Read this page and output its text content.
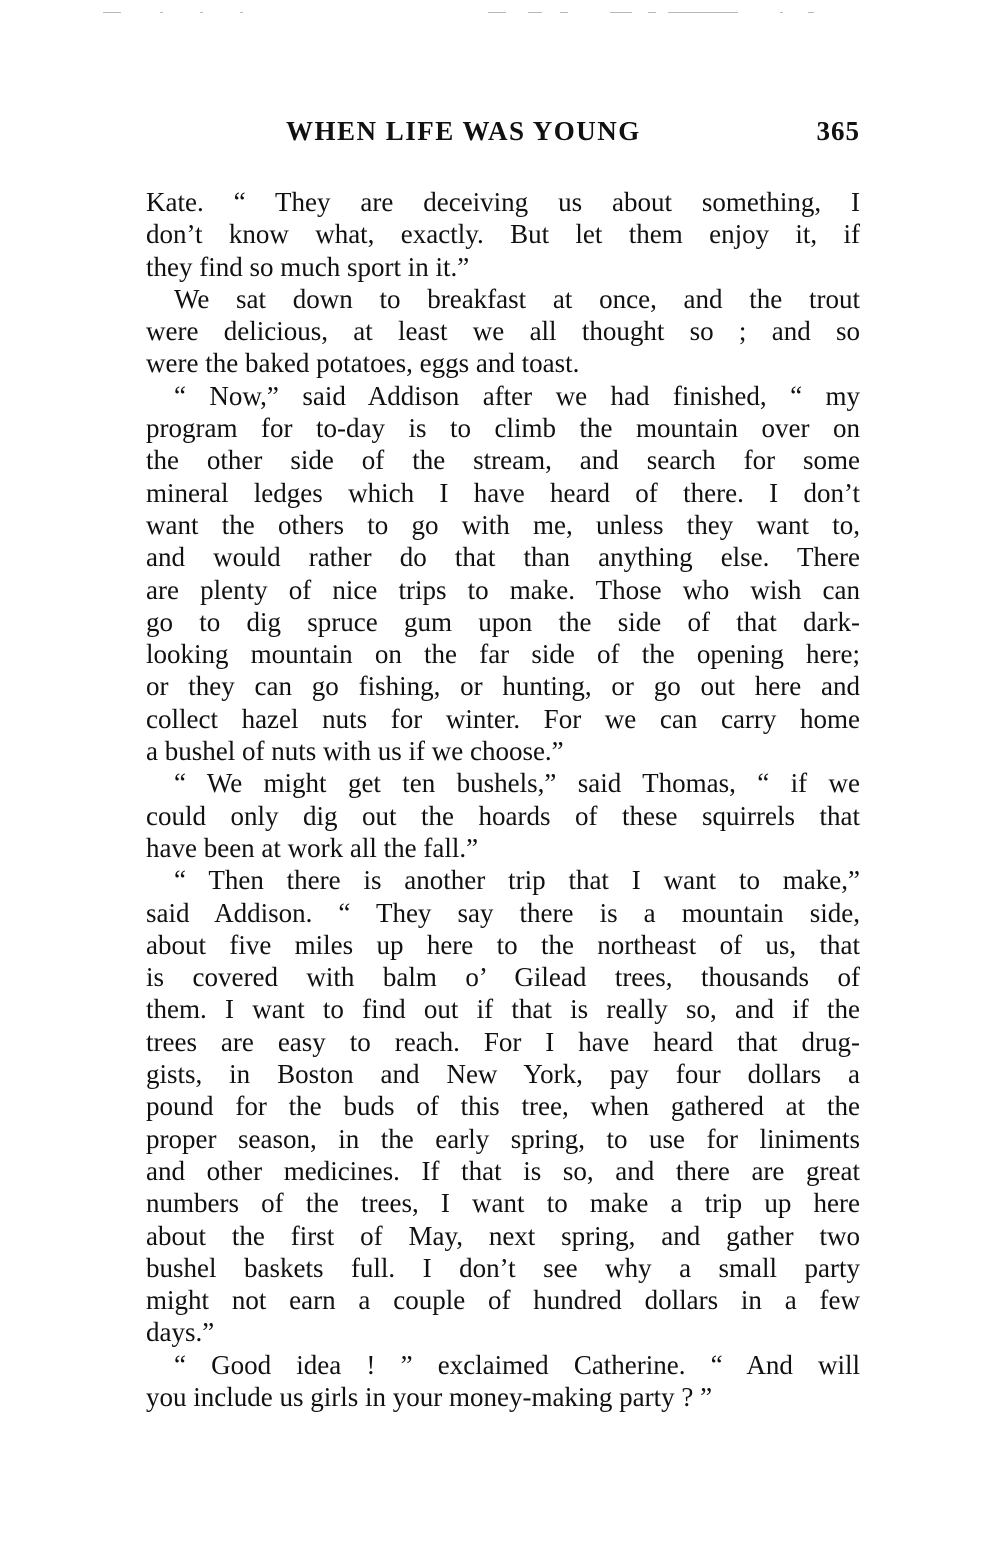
WHEN LIFE WAS YOUNG	365
Kate. “ They are deceiving us about something, I
don’t know what, exactly. But let them enjoy it, if
they find so much sport in it.”
We sat down to breakfast at once, and the trout
were delicious, at least we all thought so ; and so
were the baked potatoes, eggs and toast.
“ Now,” said Addison after we had finished, “ my
program for to-day is to climb the mountain over on
the other side of the stream, and search for some
mineral ledges which I have heard of there. I don’t
want the others to go with me, unless they want to,
and would rather do that than anything else. There
are plenty of nice trips to make. Those who wish can
go to dig spruce gum upon the side of that dark-
looking mountain on the far side of the opening here;
or they can go fishing, or hunting, or go out here and
collect hazel nuts for winter. For we can carry home
a bushel of nuts with us if we choose.”
“ We might get ten bushels,” said Thomas, “ if we
could only dig out the hoards of these squirrels that
have been at work all the fall.”
“ Then there is another trip that I want to make,”
said Addison. “ They say there is a mountain side,
about five miles up here to the northeast of us, that
is covered with balm o’ Gilead trees, thousands of
them. I want to find out if that is really so, and if the
trees are easy to reach. For I have heard that drug-
gists, in Boston and New York, pay four dollars a
pound for the buds of this tree, when gathered at the
proper season, in the early spring, to use for liniments
and other medicines. If that is so, and there are great
numbers of the trees, I want to make a trip up here
about the first of May, next spring, and gather two
bushel baskets full. I don’t see why a small party
might not earn a couple of hundred dollars in a few
days.”
“ Good idea ! ” exclaimed Catherine. “ And will
you include us girls in your money-making party ? ”
